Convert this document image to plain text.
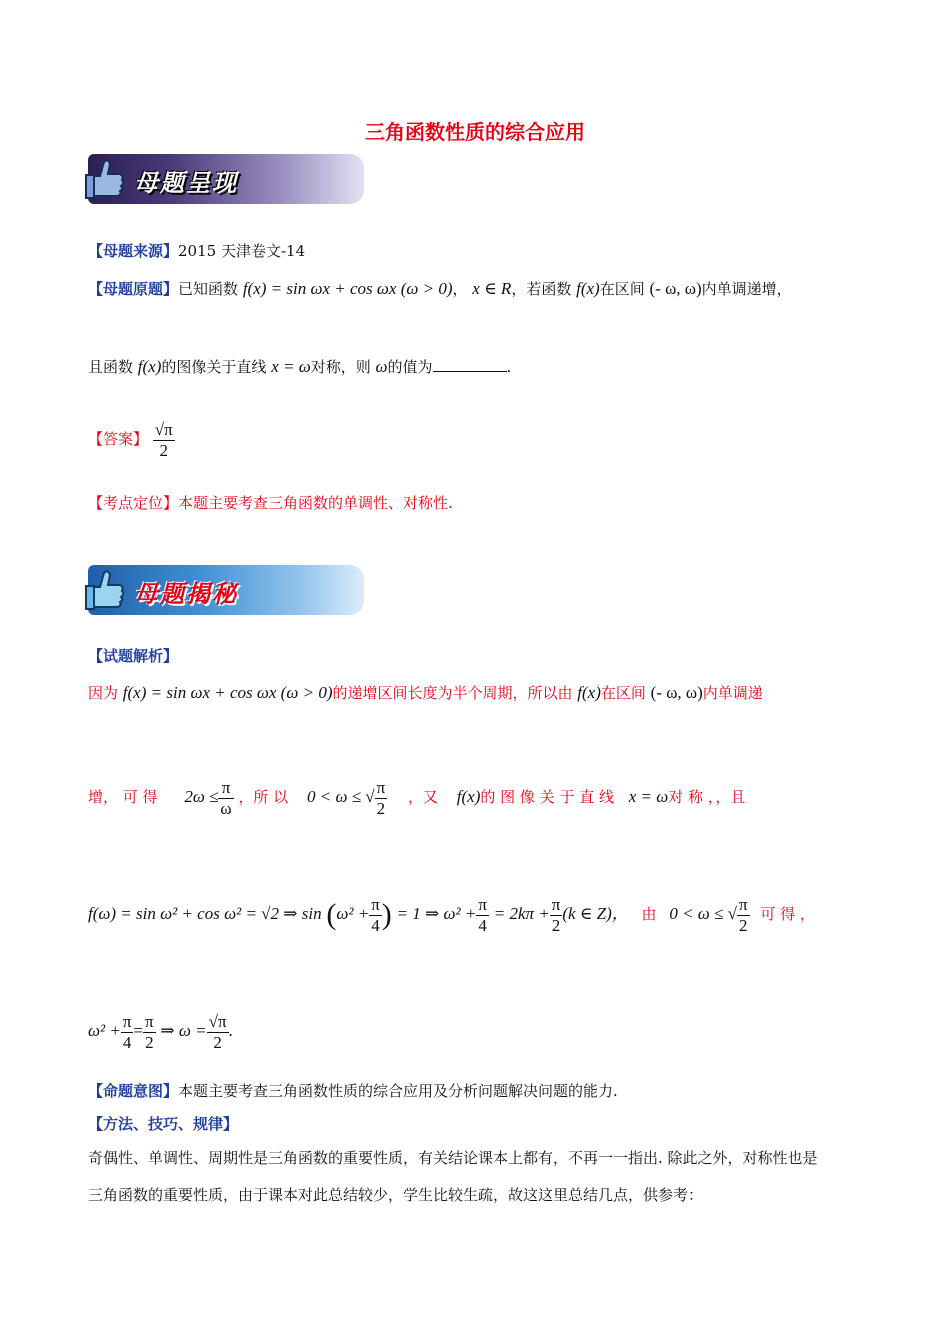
三角函数性质的综合应用
母题呈现
【母题来源】2015 天津卷文-14
【母题原题】已知函数 f(x) = sin ωx + cos ωx (ω > 0)， x ∈ R，若函数 f(x)在区间 (- ω, ω)内单调递增，
且函数 f(x)的图像关于直线 x = ω对称，则 ω的值为	.
【答案】 $\frac{√\pi}{2}$
【考点定位】本题主要考查三角函数的单调性、对称性.
母题揭秘
【试题解析】
因为 f(x) = sin ωx + cos ωx (ω > 0)的递增区间长度为半个周期，所以由 f(x)在区间 (- ω, ω)内单调递
增， 可 得 $2\omega \le \frac{\pi}{\omega}$ ，所 以 0 < ω ≤ √ $\frac{\pi}{2}$ ，又 f(x)的 图 像 关 于 直 线 x = ω对 称 ，，且
f(ω) = sin ω² + cos ω² = √2 ⇒ $\sin (\omega^2 + \frac{\pi}{4}$ ) = 1 ⇒ $\omega^2 + \frac{\pi}{4} = 2k\pi + \frac{\pi}{2} (k$ ∈ Z)， 由 0 < ω ≤ √ $\frac{\pi}{2}$ 可 得 ，
$\omega^2 + \frac{\pi}{4} = \frac{\pi}{2}$ ⇒ $\omega = \frac{√\pi}{2}$ .
【命题意图】本题主要考查三角函数性质的综合应用及分析问题解决问题的能力.
【方法、技巧、规律】
奇偶性、单调性、周期性是三角函数的重要性质，有关结论课本上都有，不再一一指出. 除此之外，对称性也是
三角函数的重要性质，由于课本对此总结较少，学生比较生疏，故这这里总结几点，供参考：
